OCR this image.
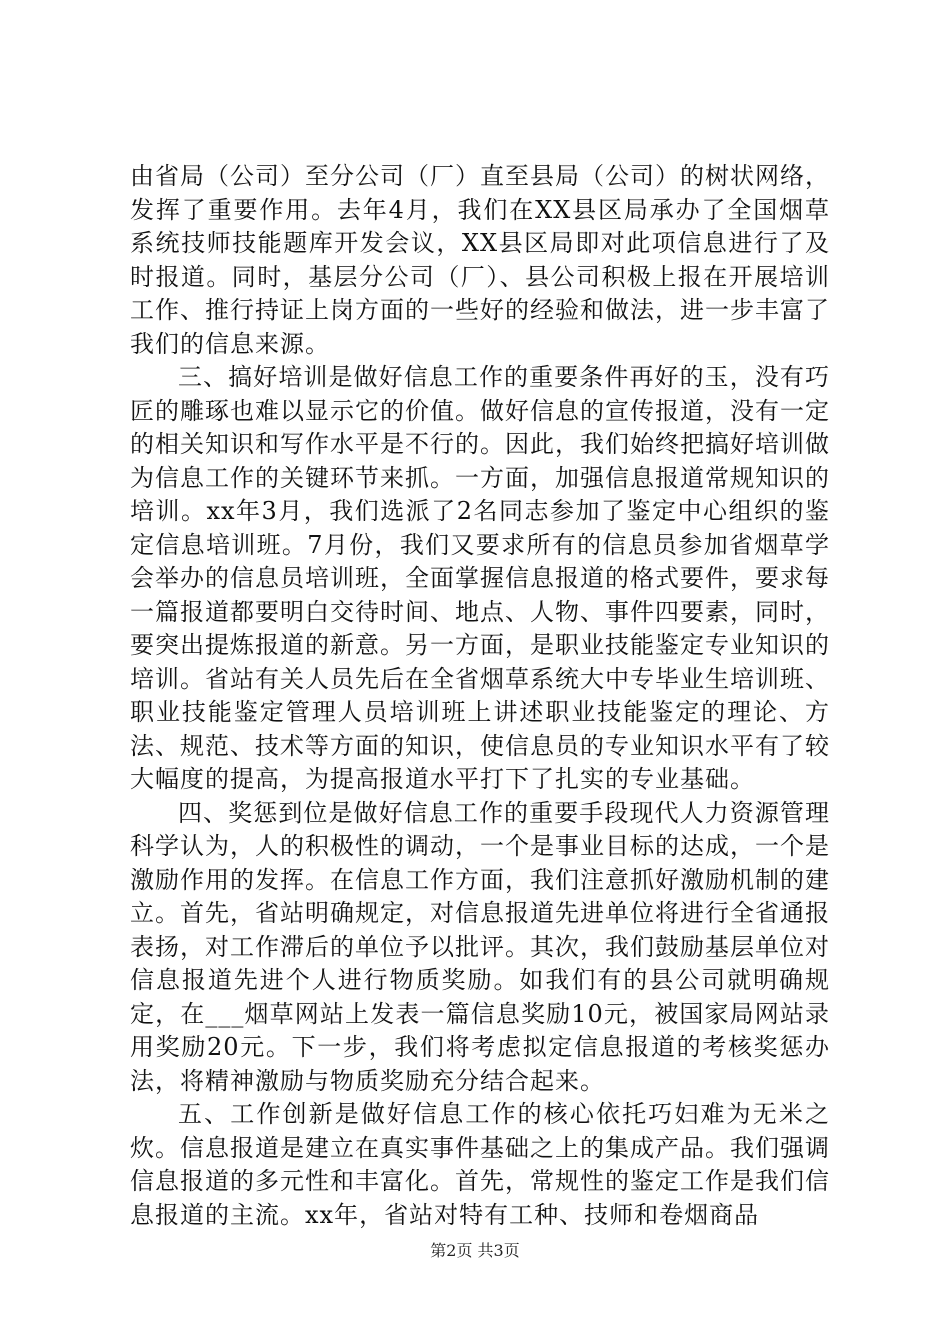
由省局（公司）至分公司（厂）直至县局（公司）的树状网络，发挥了重要作用。去年4月，我们在XX县区局承办了全国烟草系统技师技能题库开发会议，XX县区局即对此项信息进行了及时报道。同时，基层分公司（厂）、县公司积极上报在开展培训工作、推行持证上岗方面的一些好的经验和做法，进一步丰富了我们的信息来源。

三、搞好培训是做好信息工作的重要条件再好的玉，没有巧匠的雕琢也难以显示它的价值。做好信息的宣传报道，没有一定的相关知识和写作水平是不行的。因此，我们始终把搞好培训做为信息工作的关键环节来抓。一方面，加强信息报道常规知识的培训。xx年3月，我们选派了2名同志参加了鉴定中心组织的鉴定信息培训班。7月份，我们又要求所有的信息员参加省烟草学会举办的信息员培训班，全面掌握信息报道的格式要件，要求每一篇报道都要明白交待时间、地点、人物、事件四要素，同时，要突出提炼报道的新意。另一方面，是职业技能鉴定专业知识的培训。省站有关人员先后在全省烟草系统大中专毕业生培训班、职业技能鉴定管理人员培训班上讲述职业技能鉴定的理论、方法、规范、技术等方面的知识，使信息员的专业知识水平有了较大幅度的提高，为提高报道水平打下了扎实的专业基础。

四、奖惩到位是做好信息工作的重要手段现代人力资源管理科学认为，人的积极性的调动，一个是事业目标的达成，一个是激励作用的发挥。在信息工作方面，我们注意抓好激励机制的建立。首先，省站明确规定，对信息报道先进单位将进行全省通报表扬，对工作滞后的单位予以批评。其次，我们鼓励基层单位对信息报道先进个人进行物质奖励。如我们有的县公司就明确规定，在___烟草网站上发表一篇信息奖励10元，被国家局网站录用奖励20元。下一步，我们将考虑拟定信息报道的考核奖惩办法，将精神激励与物质奖励充分结合起来。

五、工作创新是做好信息工作的核心依托巧妇难为无米之炊。信息报道是建立在真实事件基础之上的集成产品。我们强调信息报道的多元性和丰富化。首先，常规性的鉴定工作是我们信息报道的主流。xx年，省站对特有工种、技师和卷烟商品

第2页 共3页
